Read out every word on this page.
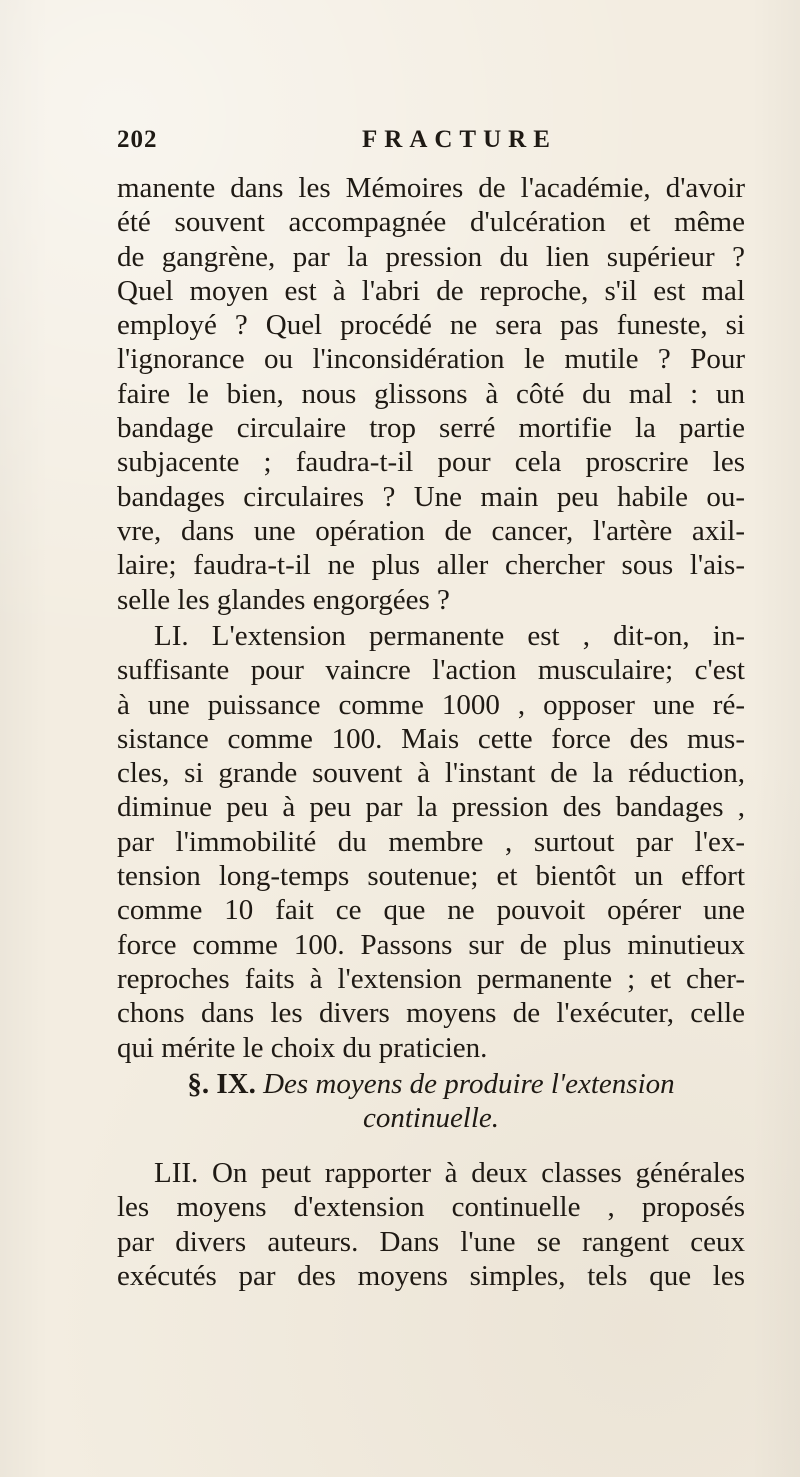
202	FRACTURE
manente dans les Mémoires de l'académie, d'avoir
été souvent accompagnée d'ulcération et même
de gangrène, par la pression du lien supérieur ?
Quel moyen est à l'abri de reproche, s'il est mal
employé ? Quel procédé ne sera pas funeste, si
l'ignorance ou l'inconsidération le mutile ? Pour
faire le bien, nous glissons à côté du mal : un
bandage circulaire trop serré mortifie la partie
subjacente ; faudra-t-il pour cela proscrire les
bandages circulaires ? Une main peu habile ou-
vre, dans une opération de cancer, l'artère axil-
laire; faudra-t-il ne plus aller chercher sous l'ais-
selle les glandes engorgées ?
LI. L'extension permanente est , dit-on, in-
suffisante pour vaincre l'action musculaire; c'est
à une puissance comme 1000 , opposer une ré-
sistance comme 100. Mais cette force des mus-
cles, si grande souvent à l'instant de la réduction,
diminue peu à peu par la pression des bandages ,
par l'immobilité du membre , surtout par l'ex-
tension long-temps soutenue; et bientôt un effort
comme 10 fait ce que ne pouvoit opérer une
force comme 100. Passons sur de plus minutieux
reproches faits à l'extension permanente ; et cher-
chons dans les divers moyens de l'exécuter, celle
qui mérite le choix du praticien.
§. IX. Des moyens de produire l'extension
continuelle.
LII. On peut rapporter à deux classes générales
les moyens d'extension continuelle , proposés
par divers auteurs. Dans l'une se rangent ceux
exécutés par des moyens simples, tels que les
